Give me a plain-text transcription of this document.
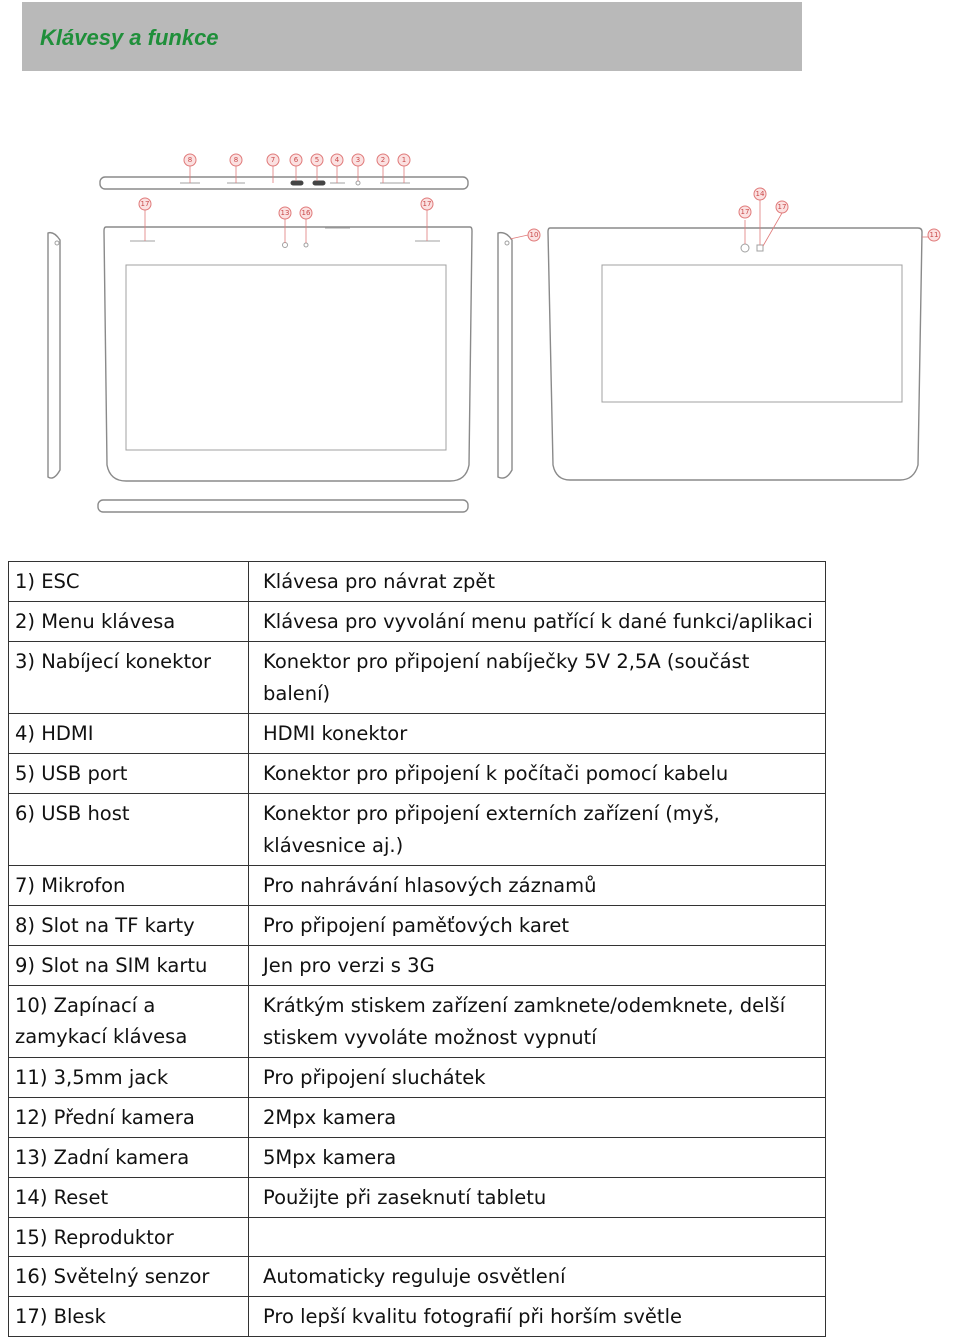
Klávesy a funkce
8	8	7	6 5 4 3	2 1
17
13 16
17
14
17
17
10	11
1) ESC	Klávesa pro návrat zpět
2) Menu klávesa	Klávesa pro vyvolání menu patřící k dané funkci/aplikaci
3) Nabíjecí konektor	Konektor pro připojení nabíječky 5V 2,5A (součást balení)
4) HDMI	HDMI konektor
5) USB port	Konektor pro připojení k počítači pomocí kabelu
6) USB host	Konektor pro připojení externích zařízení (myš, klávesnice aj.)
7) Mikrofon	Pro nahrávání hlasových záznamů
8) Slot na TF karty	Pro připojení paměťových karet
9) Slot na SIM kartu	Jen pro verzi s 3G
10) Zapínací a zamykací klávesa	Krátkým stiskem zařízení zamknete/odemknete, delší stiskem vyvoláte možnost vypnutí
11) 3,5mm jack	Pro připojení sluchátek
12) Přední kamera	2Mpx kamera
13) Zadní kamera	5Mpx kamera
14) Reset	Použijte při zaseknutí tabletu
15) Reproduktor	
16) Světelný senzor	Automaticky reguluje osvětlení
17) Blesk	Pro lepší kvalitu fotografií při horším světle
